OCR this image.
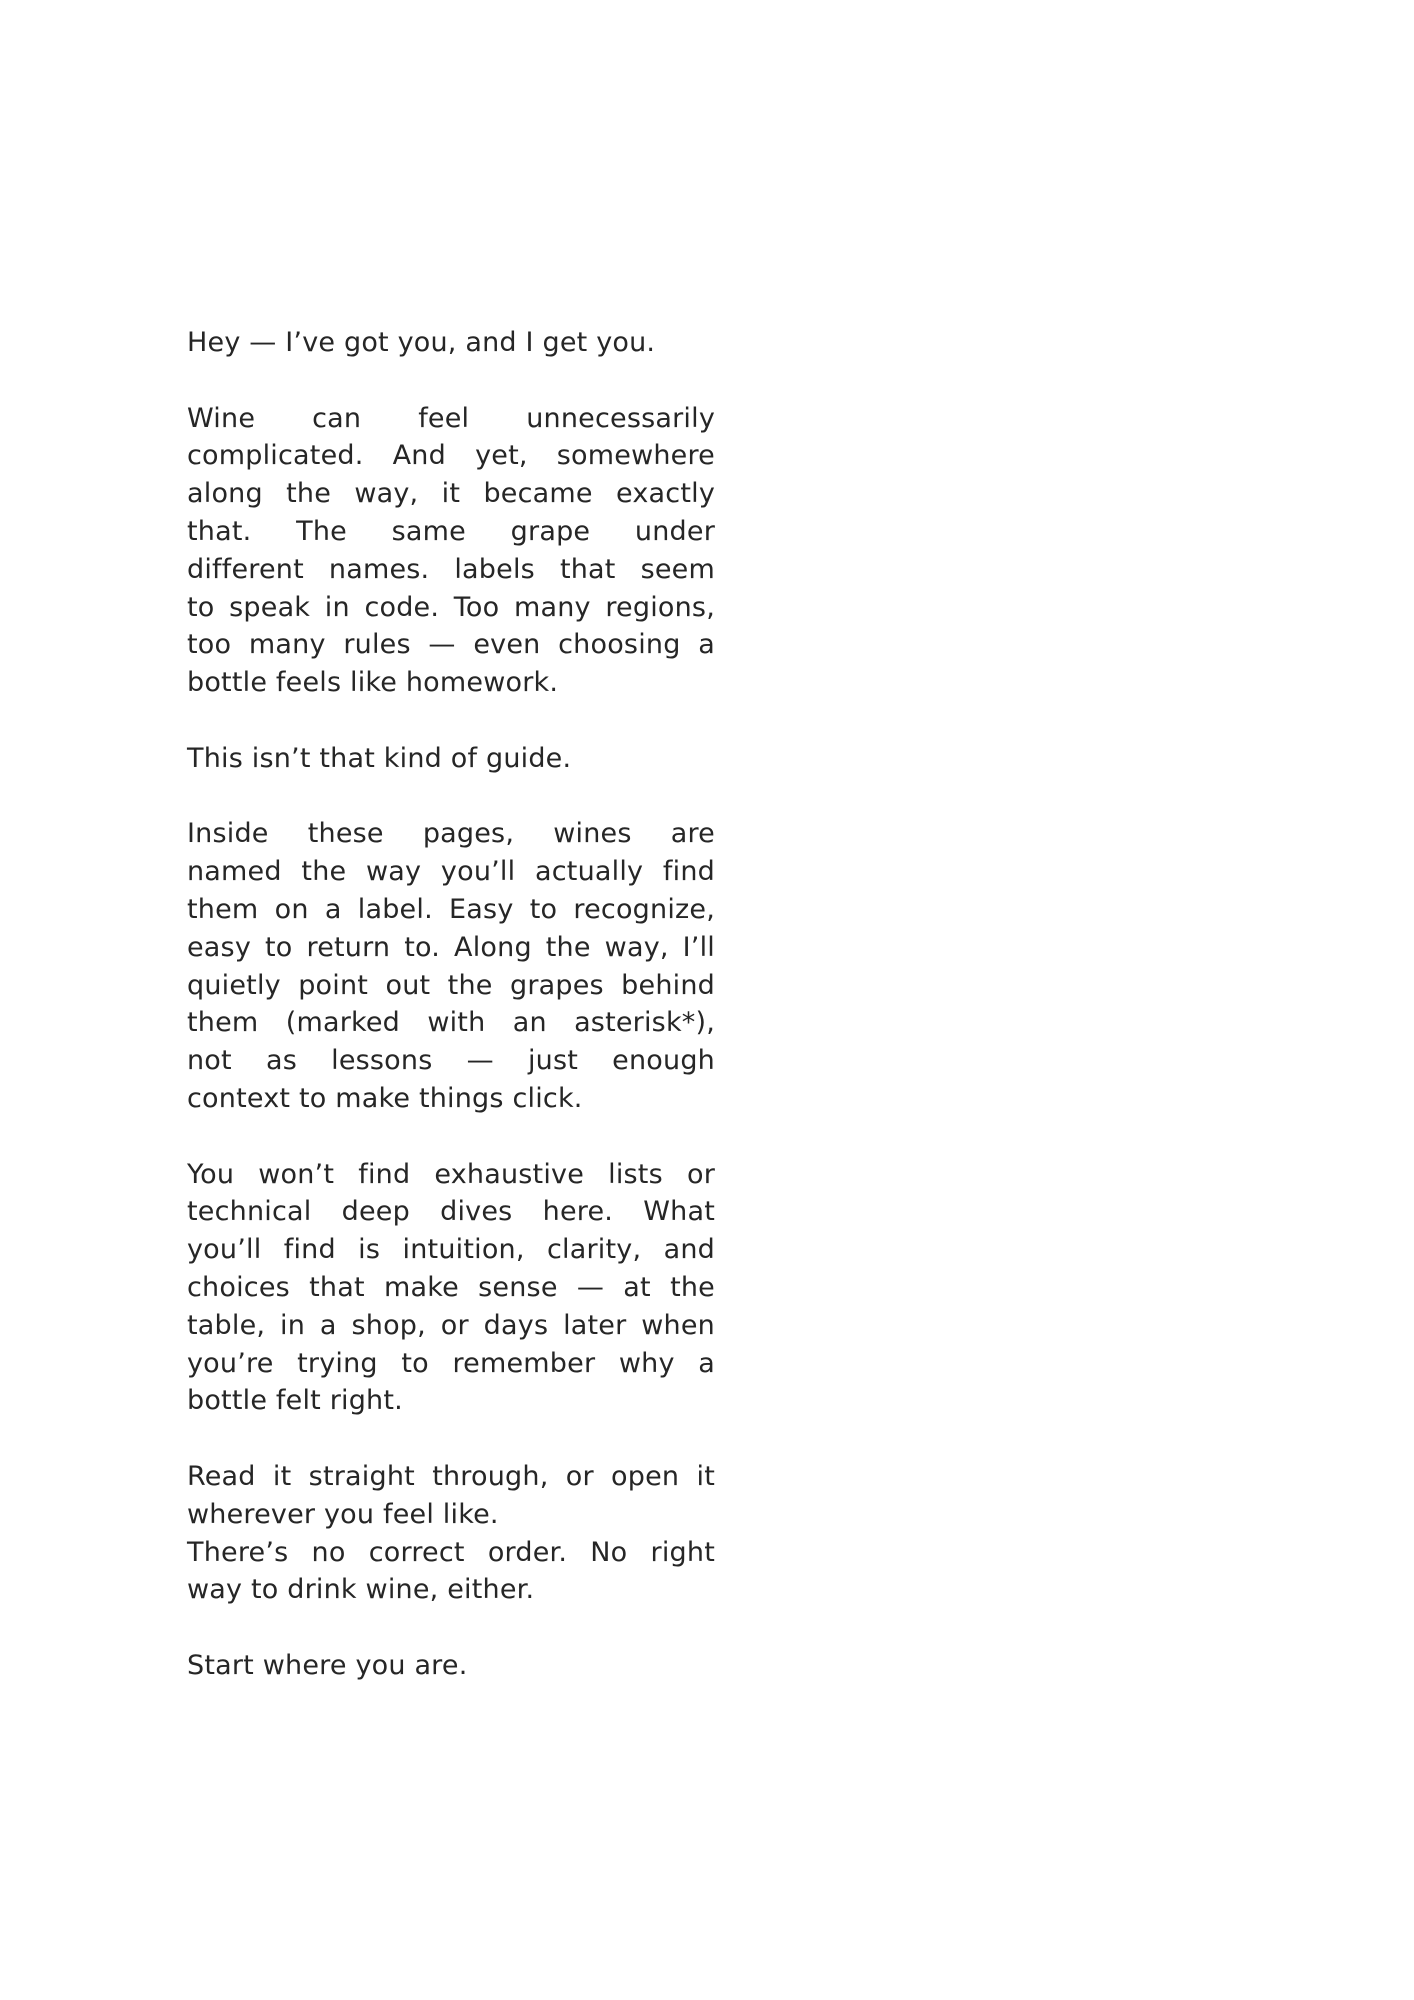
Hey — I’ve got you, and I get you.

Wine can feel unnecessarily
complicated. And yet, somewhere
along the way, it became exactly
that. The same grape under
different names. labels that seem
to speak in code. Too many regions,
too many rules — even choosing a
bottle feels like homework.

This isn’t that kind of guide.

Inside these pages, wines are
named the way you’ll actually find
them on a label. Easy to recognize,
easy to return to. Along the way, I’ll
quietly point out the grapes behind
them (marked with an asterisk*),
not as lessons — just enough
context to make things click.

You won’t find exhaustive lists or
technical deep dives here. What
you’ll find is intuition, clarity, and
choices that make sense — at the
table, in a shop, or days later when
you’re trying to remember why a
bottle felt right.

Read it straight through, or open it
wherever you feel like.

There’s no correct order. No right
way to drink wine, either.

Start where you are.
